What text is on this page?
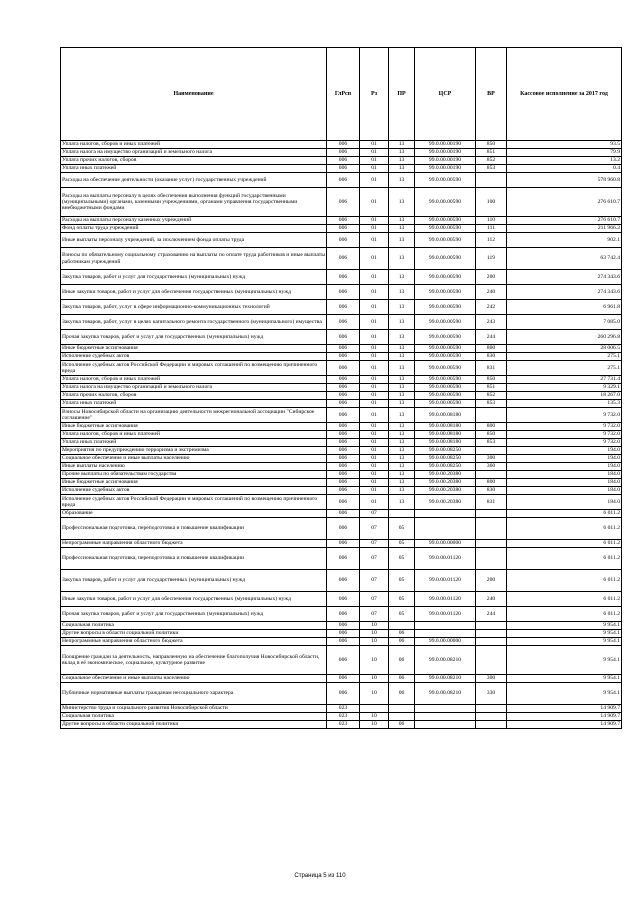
Наименование	ГлРсп	Рз	ПР	ЦСР	ВР	Кассовое исполнение за 2017 год
Уплата налогов, сборов и иных платежей	006	01	13	99.0.00.00190	850	93.5
Уплата налога на имущество организаций и земельного налога	006	01	13	99.0.00.00190	851	79.9
Уплата прочих налогов, сборов	006	01	13	99.0.00.00190	852	13.2
Уплата иных платежей	006	01	13	99.0.00.00190	853	0.4
Расходы на обеспечение деятельности (оказание услуг) государственных учреждений	006	01	13	99.0.00.00590		578 960.8
Расходы на выплаты персоналу в целях обеспечения выполнения функций государственными (муниципальными) органами, казенными учреждениями, органами управления государственными внебюджетными фондами	006	01	13	99.0.00.00590	100	276 610.7
Расходы на выплаты персоналу казенных учреждений	006	01	13	99.0.00.00590	110	276 610.7
Фонд оплаты труда учреждений	006	01	13	99.0.00.00590	111	211 966.2
Иные выплаты персоналу учреждений, за исключением фонда оплаты труда	006	01	13	99.0.00.00590	112	902.1
Взносы по обязательному социальному страхованию на выплаты по оплате труда работников и иные выплаты работникам учреждений	006	01	13	99.0.00.00590	119	63 742.4
Закупка товаров, работ и услуг для государственных (муниципальных) нужд	006	01	13	99.0.00.00590	200	274 343.6
Иные закупки товаров, работ и услуг для обеспечения государственных (муниципальных) нужд	006	01	13	99.0.00.00590	240	274 343.6
Закупка товаров, работ, услуг в сфере информационно-коммуникационных технологий	006	01	13	99.0.00.00590	242	6 961.8
Закупка товаров, работ, услуг в целях капитального ремонта государственного (муниципального) имущества	006	01	13	99.0.00.00590	243	7 085.0
Прочая закупка товаров, работ и услуг для государственных (муниципальных) нужд	006	01	13	99.0.00.00590	244	260 296.8
Иные бюджетные ассигнования	006	01	13	99.0.00.00590	800	28 006.5
Исполнение судебных актов	006	01	13	99.0.00.00590	830	275.1
Исполнение судебных актов Российской Федерации и мировых соглашений по возмещению причиненного вреда	006	01	13	99.0.00.00590	831	275.1
Уплата налогов, сборов и иных платежей	006	01	13	99.0.00.00590	850	27 731.4
Уплата налога на имущество организаций и земельного налога	006	01	13	99.0.00.00590	851	9 329.1
Уплата прочих налогов, сборов	006	01	13	99.0.00.00590	852	18 267.0
Уплата иных платежей	006	01	13	99.0.00.00590	853	135.3
Взносы Новосибирской области на организацию деятельности межрегиональной ассоциации "Сибирское соглашение"	006	01	13	99.0.00.08180		9 732.0
Иные бюджетные ассигнования	006	01	13	99.0.00.08180	800	9 732.0
Уплата налогов, сборов и иных платежей	006	01	13	99.0.00.08180	850	9 732.0
Уплата иных платежей	006	01	13	99.0.00.08180	853	9 732.0
Мероприятия по предупреждению терроризма и экстремизма	006	01	13	99.0.00.08250		194.0
Социальное обеспечение и иные выплаты населению	006	01	13	99.0.00.08250	300	194.0
Иные выплаты населению	006	01	13	99.0.00.08250	360	194.0
Прочие выплаты по обязательствам государства	006	01	13	99.0.00.20380		184.0
Иные бюджетные ассигнования	006	01	13	99.0.00.20380	800	184.0
Исполнение судебных актов	006	01	13	99.0.00.20380	830	184.0
Исполнение судебных актов Российской Федерации и мировых соглашений по возмещению причиненного вреда	006	01	13	99.0.00.20380	831	184.0
Образование	006	07				6 011.2
Профессиональная подготовка, переподготовка и повышение квалификации	006	07	05			6 011.2
Непрограммные направления областного бюджета	006	07	05	99.0.00.00000		6 011.2
Профессиональная подготовка, переподготовка и повышение квалификации	006	07	05	99.0.00.01120		6 011.2
Закупка товаров, работ и услуг для государственных (муниципальных) нужд	006	07	05	99.0.00.01120	200	6 011.2
Иные закупки товаров, работ и услуг для обеспечения государственных (муниципальных) нужд	006	07	05	99.0.00.01120	240	6 011.2
Прочая закупка товаров, работ и услуг для государственных (муниципальных) нужд	006	07	05	99.0.00.01120	244	6 011.2
Социальная политика	006	10				9 954.1
Другие вопросы в области социальной политики	006	10	06			9 954.1
Непрограммные направления областного бюджета	006	10	06	99.0.00.00000		9 954.1
Поощрение граждан за деятельность, направленную на обеспечение благополучия Новосибирской области, вклад в её экономическое, социальное, культурное развитие	006	10	06	99.0.00.08210		9 954.1
Социальное обеспечение и иные выплаты населению	006	10	06	99.0.00.08210	300	9 954.1
Публичные нормативные выплаты гражданам несоциального характера	006	10	06	99.0.00.08210	330	9 954.1
Министерство труда и социального развития Новосибирской области	023					14 909.7
Социальная политика	023	10				14 909.7
Другие вопросы в области социальной политики	023	10	06			14 909.7
Страница 5 из 110
